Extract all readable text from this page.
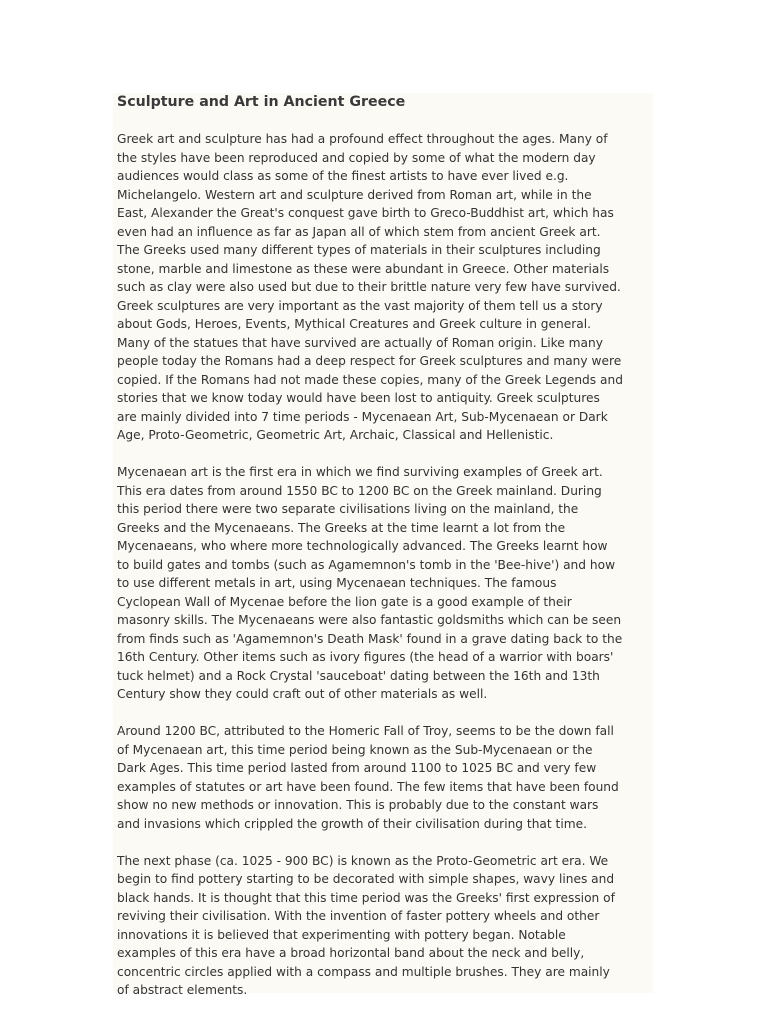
Sculpture and Art in Ancient Greece

Greek art and sculpture has had a profound effect throughout the ages. Many of
the styles have been reproduced and copied by some of what the modern day
audiences would class as some of the finest artists to have ever lived e.g.
Michelangelo. Western art and sculpture derived from Roman art, while in the
East, Alexander the Great's conquest gave birth to Greco-Buddhist art, which has
even had an influence as far as Japan all of which stem from ancient Greek art.
The Greeks used many different types of materials in their sculptures including
stone, marble and limestone as these were abundant in Greece. Other materials
such as clay were also used but due to their brittle nature very few have survived.
Greek sculptures are very important as the vast majority of them tell us a story
about Gods, Heroes, Events, Mythical Creatures and Greek culture in general.
Many of the statues that have survived are actually of Roman origin. Like many
people today the Romans had a deep respect for Greek sculptures and many were
copied. If the Romans had not made these copies, many of the Greek Legends and
stories that we know today would have been lost to antiquity. Greek sculptures
are mainly divided into 7 time periods - Mycenaean Art, Sub-Mycenaean or Dark
Age, Proto-Geometric, Geometric Art, Archaic, Classical and Hellenistic.

Mycenaean art is the first era in which we find surviving examples of Greek art.
This era dates from around 1550 BC to 1200 BC on the Greek mainland. During
this period there were two separate civilisations living on the mainland, the
Greeks and the Mycenaeans. The Greeks at the time learnt a lot from the
Mycenaeans, who where more technologically advanced. The Greeks learnt how
to build gates and tombs (such as Agamemnon's tomb in the 'Bee-hive') and how
to use different metals in art, using Mycenaean techniques. The famous
Cyclopean Wall of Mycenae before the lion gate is a good example of their
masonry skills. The Mycenaeans were also fantastic goldsmiths which can be seen
from finds such as 'Agamemnon's Death Mask' found in a grave dating back to the
16th Century. Other items such as ivory figures (the head of a warrior with boars'
tuck helmet) and a Rock Crystal 'sauceboat' dating between the 16th and 13th
Century show they could craft out of other materials as well.

Around 1200 BC, attributed to the Homeric Fall of Troy, seems to be the down fall
of Mycenaean art, this time period being known as the Sub-Mycenaean or the
Dark Ages. This time period lasted from around 1100 to 1025 BC and very few
examples of statutes or art have been found. The few items that have been found
show no new methods or innovation. This is probably due to the constant wars
and invasions which crippled the growth of their civilisation during that time.

The next phase (ca. 1025 - 900 BC) is known as the Proto-Geometric art era. We
begin to find pottery starting to be decorated with simple shapes, wavy lines and
black hands. It is thought that this time period was the Greeks' first expression of
reviving their civilisation. With the invention of faster pottery wheels and other
innovations it is believed that experimenting with pottery began. Notable
examples of this era have a broad horizontal band about the neck and belly,
concentric circles applied with a compass and multiple brushes. They are mainly
of abstract elements.
